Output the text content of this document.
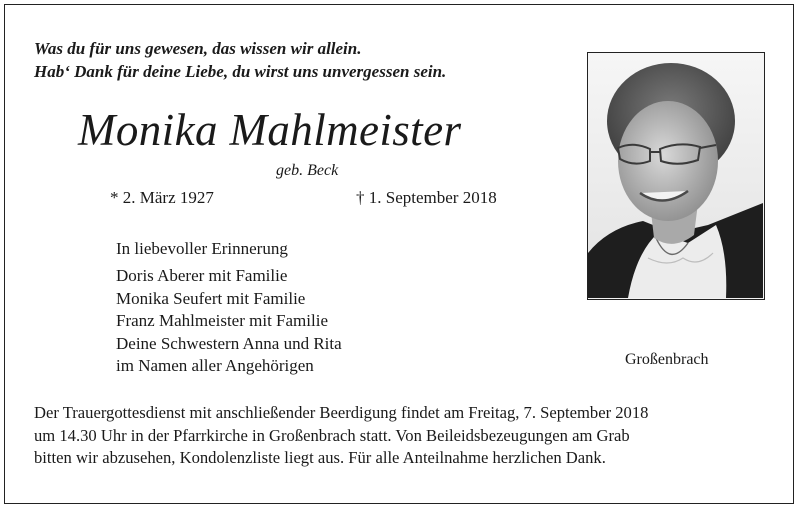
Was du für uns gewesen, das wissen wir allein.
Hab‘ Dank für deine Liebe, du wirst uns unvergessen sein.
Monika Mahlmeister
geb. Beck
* 2. März 1927	† 1. September 2018
In liebevoller Erinnerung
Doris Aberer mit Familie
Monika Seufert mit Familie
Franz Mahlmeister mit Familie
Deine Schwestern Anna und Rita
im Namen aller Angehörigen	Großenbrach
Der Trauergottesdienst mit anschließender Beerdigung findet am Freitag, 7. September 2018
um 14.30 Uhr in der Pfarrkirche in Großenbrach statt. Von Beileidsbezeugungen am Grab
bitten wir abzusehen, Kondolenzliste liegt aus. Für alle Anteilnahme herzlichen Dank.
